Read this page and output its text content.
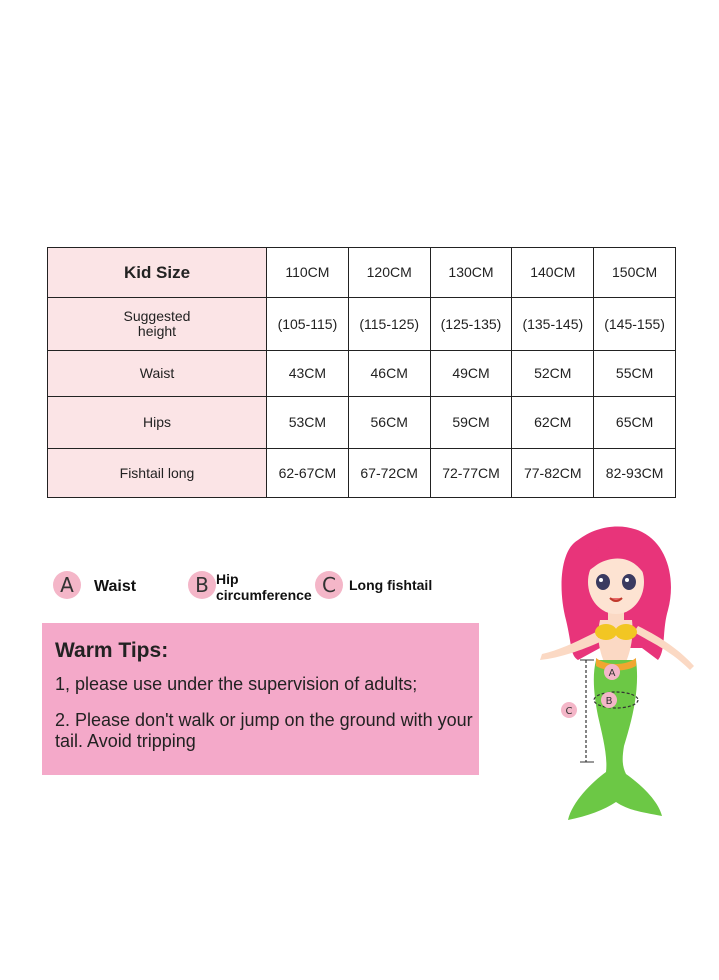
Kid Size	110CM	120CM	130CM	140CM	150CM
Suggested
height	(105-115)	(115-125)	(125-135)	(135-145)	(145-155)
Waist	43CM	46CM	49CM	52CM	55CM
Hips	53CM	56CM	59CM	62CM	65CM
Fishtail long	62-67CM	67-72CM	72-77CM	77-82CM	82-93CM
A	Waist	B Hip
circumference C Long fishtail
Warm Tips:
1, please use under the supervision of adults;
2. Please don't walk or jump on the ground with your tail. Avoid tripping
A
B
C
